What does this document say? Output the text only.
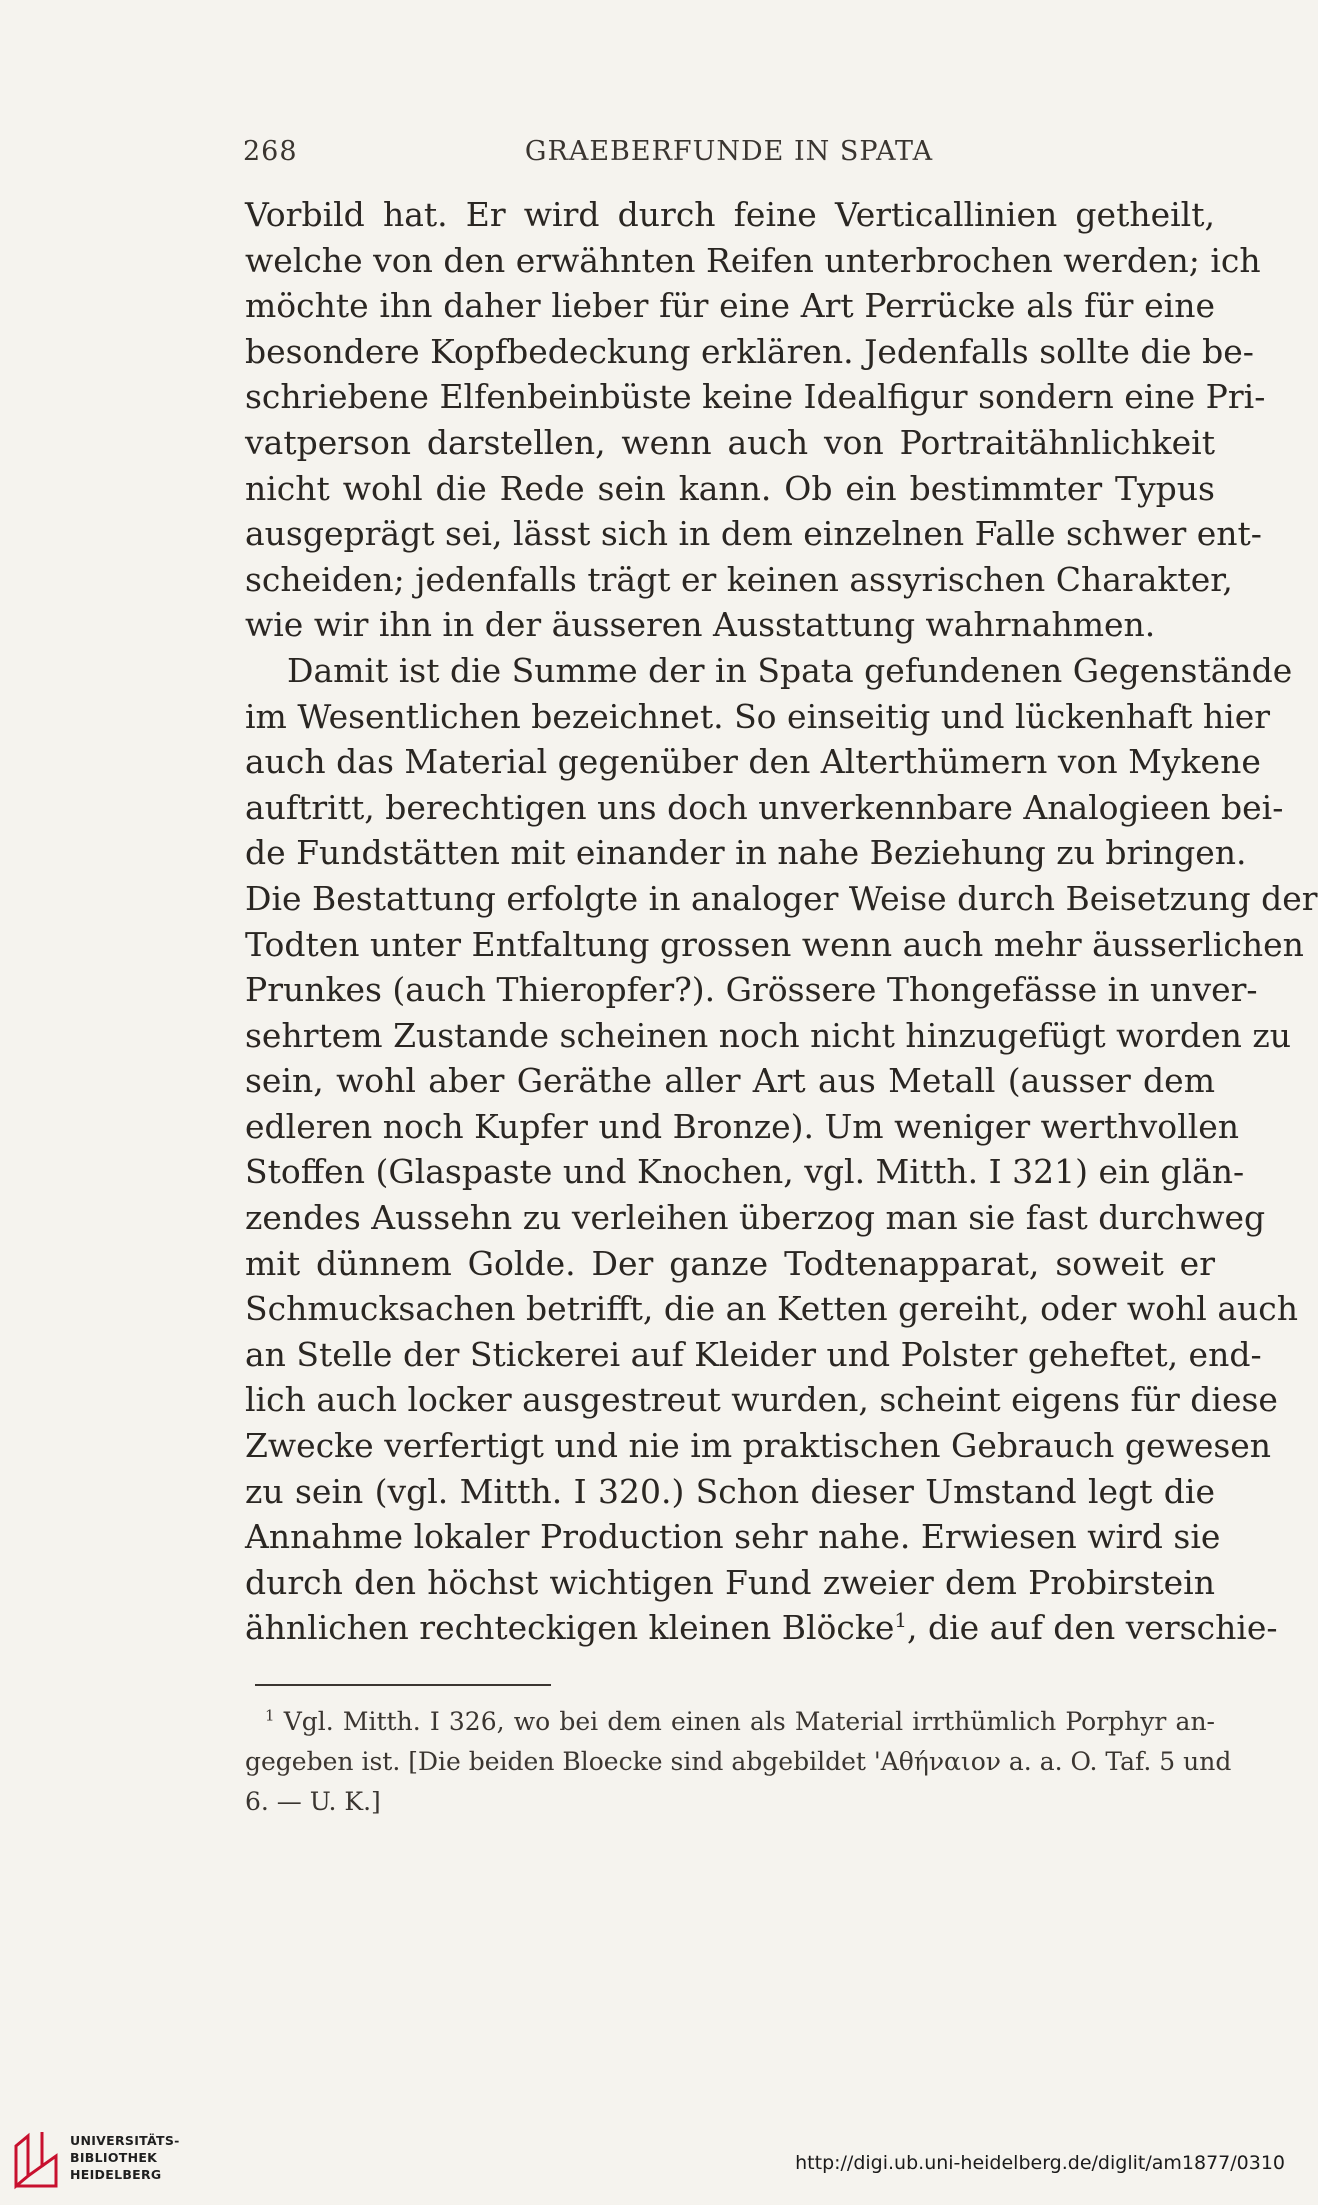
268	GRAEBERFUNDE IN SPATA
Vorbild hat. Er wird durch feine Verticallinien getheilt,
welche von den erwähnten Reifen unterbrochen werden; ich
möchte ihn daher lieber für eine Art Perrücke als für eine
besondere Kopfbedeckung erklären. Jedenfalls sollte die be-
schriebene Elfenbeinbüste keine Idealfigur sondern eine Pri-
vatperson darstellen, wenn auch von Portraitähnlichkeit
nicht wohl die Rede sein kann. Ob ein bestimmter Typus
ausgeprägt sei, lässt sich in dem einzelnen Falle schwer ent-
scheiden; jedenfalls trägt er keinen assyrischen Charakter,
wie wir ihn in der äusseren Ausstattung wahrnahmen.
Damit ist die Summe der in Spata gefundenen Gegenstände
im Wesentlichen bezeichnet. So einseitig und lückenhaft hier
auch das Material gegenüber den Alterthümern von Mykene
auftritt, berechtigen uns doch unverkennbare Analogieen bei-
de Fundstätten mit einander in nahe Beziehung zu bringen.
Die Bestattung erfolgte in analoger Weise durch Beisetzung der
Todten unter Entfaltung grossen wenn auch mehr äusserlichen
Prunkes (auch Thieropfer?). Grössere Thongefässe in unver-
sehrtem Zustande scheinen noch nicht hinzugefügt worden zu
sein, wohl aber Geräthe aller Art aus Metall (ausser dem
edleren noch Kupfer und Bronze). Um weniger werthvollen
Stoffen (Glaspaste und Knochen, vgl. Mitth. I 321) ein glän-
zendes Aussehn zu verleihen überzog man sie fast durchweg
mit dünnem Golde. Der ganze Todtenapparat, soweit er
Schmucksachen betrifft, die an Ketten gereiht, oder wohl auch
an Stelle der Stickerei auf Kleider und Polster geheftet, end-
lich auch locker ausgestreut wurden, scheint eigens für diese
Zwecke verfertigt und nie im praktischen Gebrauch gewesen
zu sein (vgl. Mitth. I 320.) Schon dieser Umstand legt die
Annahme lokaler Production sehr nahe. Erwiesen wird sie
durch den höchst wichtigen Fund zweier dem Probirstein
ähnlichen rechteckigen kleinen Blöcke$^1$, die auf den verschie-
$^1$ Vgl. Mitth. I 326, wo bei dem einen als Material irrthümlich Porphyr an-
gegeben ist. [Die beiden Bloecke sind abgebildet 'Αθήναιον a. a. O. Taf. 5 und
6. — U. K.]
UNIVERSITÄTS-
BIBLIOTHEK
HEIDELBERG
http://digi.ub.uni-heidelberg.de/diglit/am1877/0310
